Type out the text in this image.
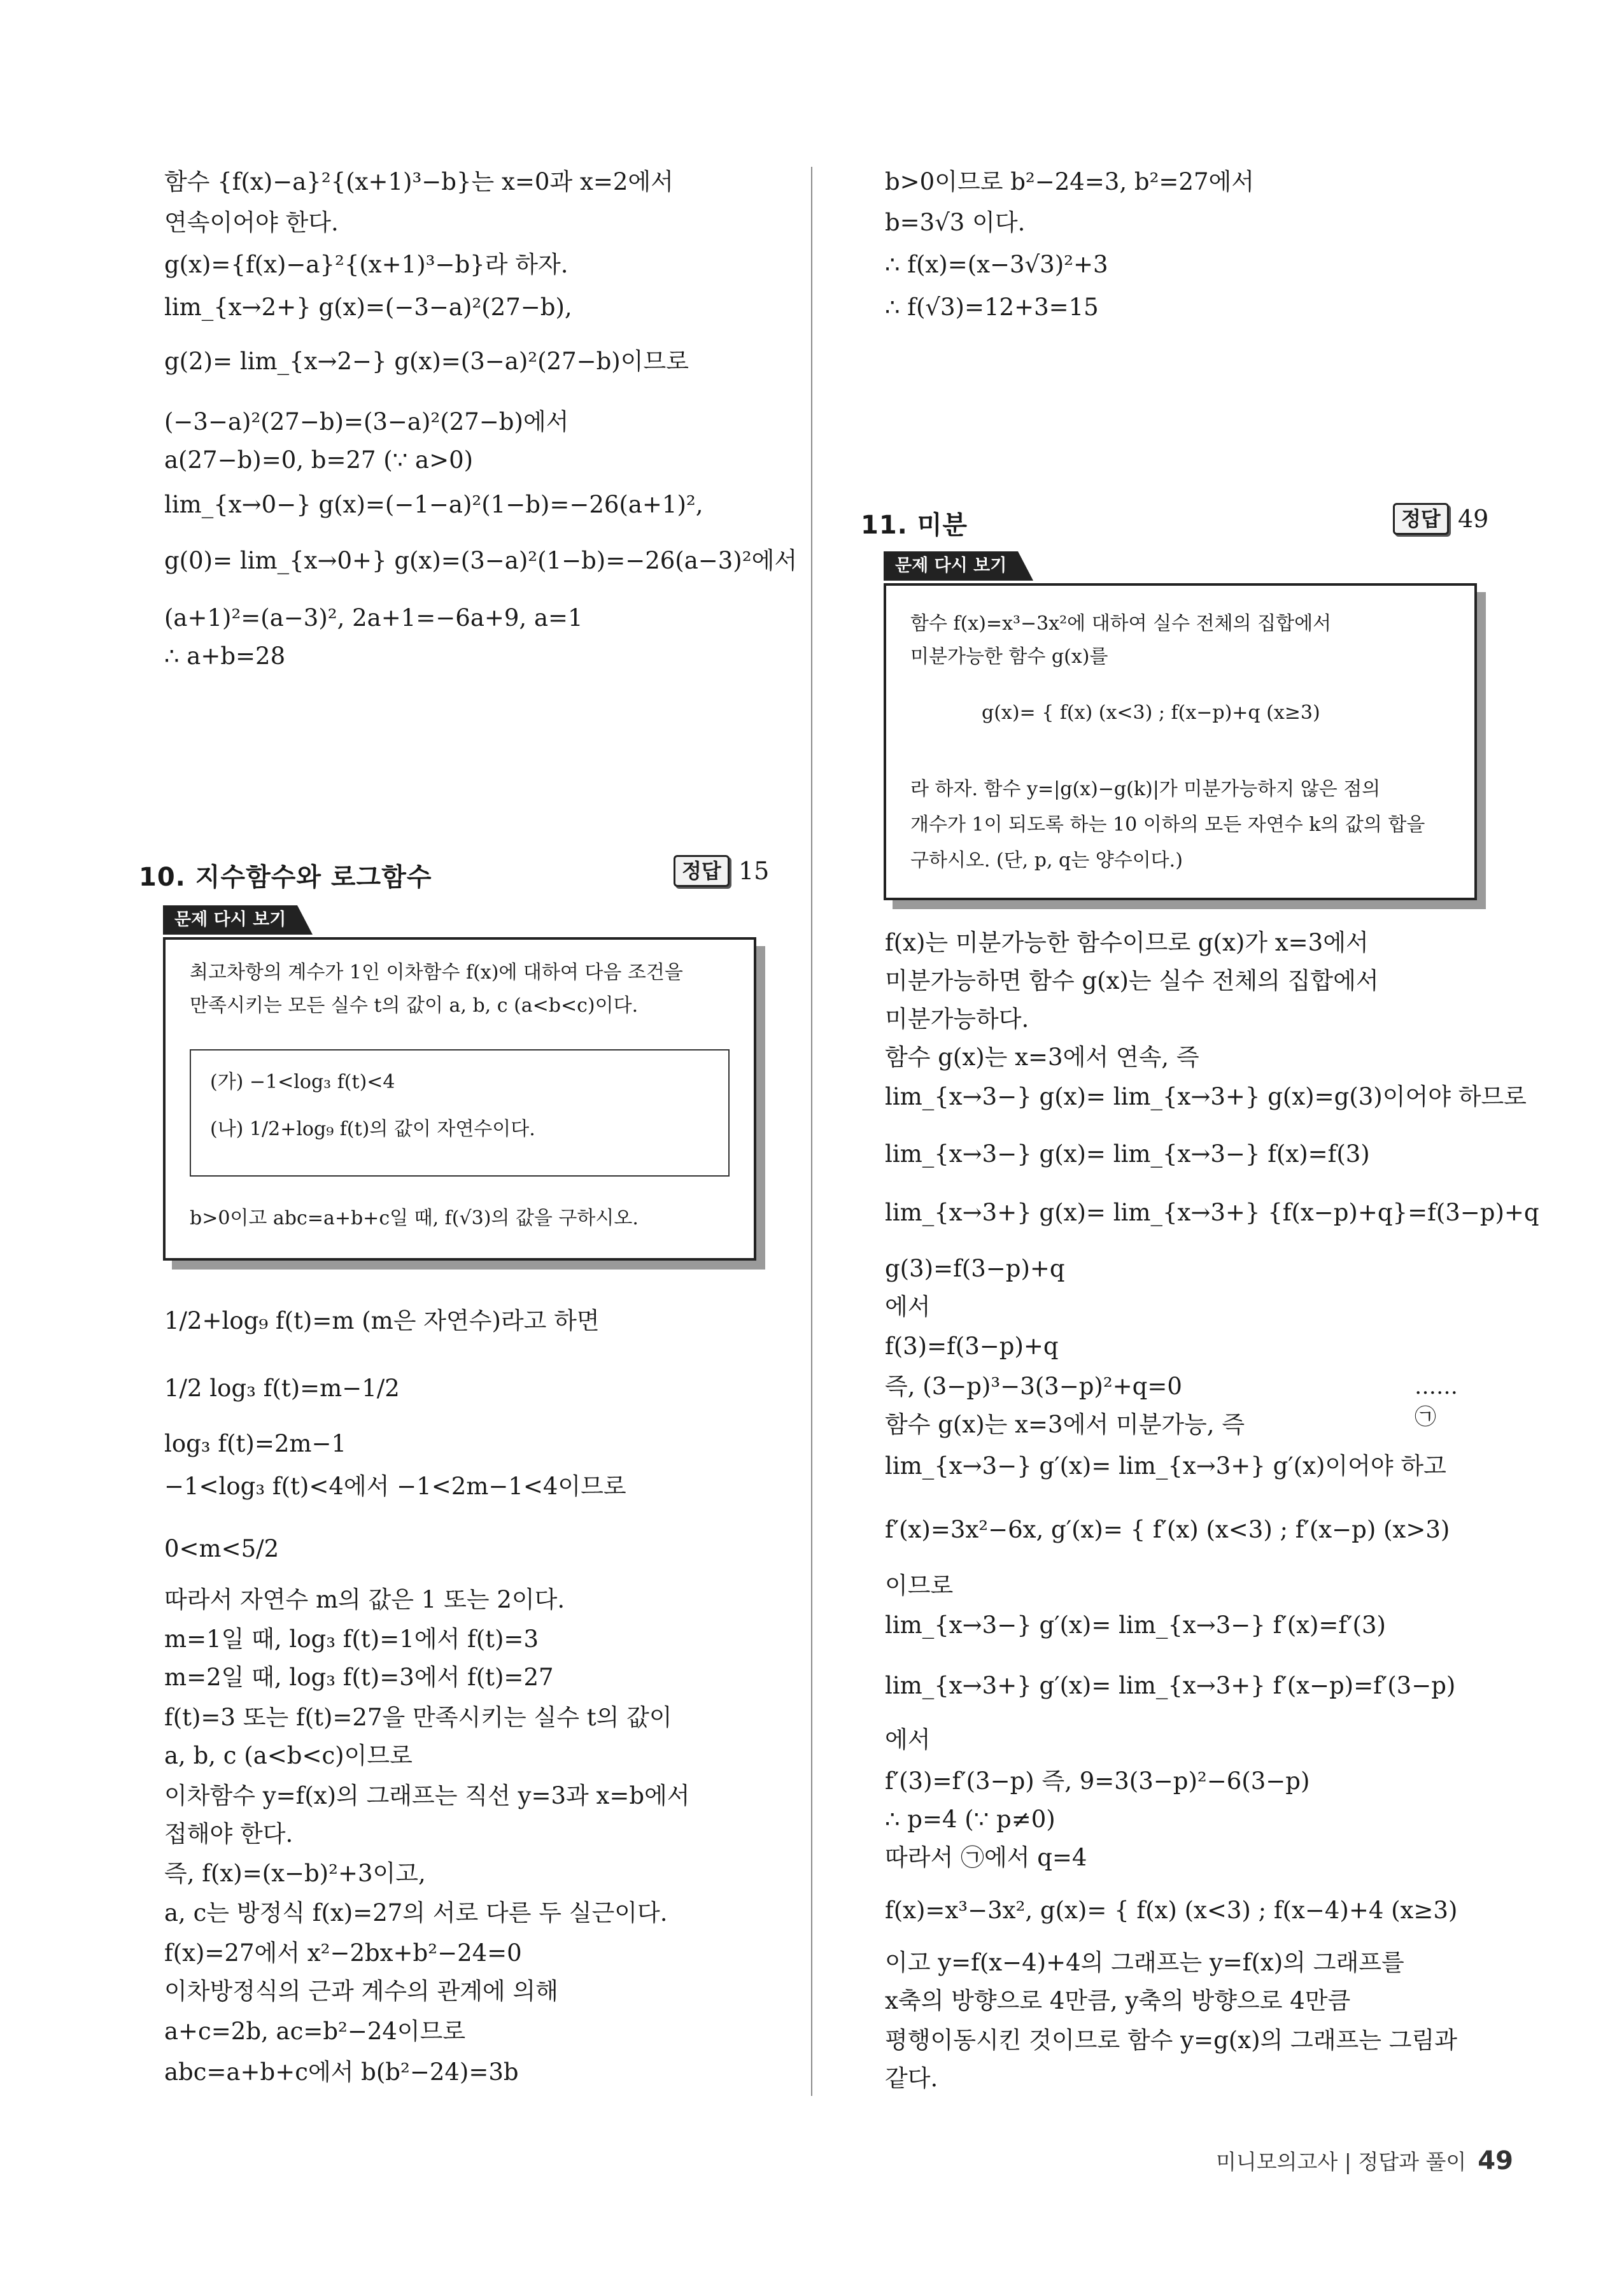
함수 {f(x)−a}²{(x+1)³−b}는 x=0과 x=2에서
연속이어야 한다.
g(x)={f(x)−a}²{(x+1)³−b}라 하자.
lim_{x→2+} g(x)=(−3−a)²(27−b),
g(2)= lim_{x→2−} g(x)=(3−a)²(27−b)이므로
(−3−a)²(27−b)=(3−a)²(27−b)에서
a(27−b)=0, b=27 (∵ a>0)
lim_{x→0−} g(x)=(−1−a)²(1−b)=−26(a+1)²,
g(0)= lim_{x→0+} g(x)=(3−a)²(1−b)=−26(a−3)²에서
(a+1)²=(a−3)², 2a+1=−6a+9, a=1
∴ a+b=28
10. 지수함수와 로그함수	정답 15
최고차항의 계수가 1인 이차함수 f(x)에 대하여 다음 조건을
만족시키는 모든 실수 t의 값이 a, b, c (a<b<c)이다.
(가) −1<log₃ f(t)<4
(나) 1/2+log₉ f(t)의 값이 자연수이다.
b>0이고 abc=a+b+c일 때, f(√3)의 값을 구하시오.
문제 다시 보기
1/2+log₉ f(t)=m (m은 자연수)라고 하면
1/2 log₃ f(t)=m−1/2
log₃ f(t)=2m−1
−1<log₃ f(t)<4에서 −1<2m−1<4이므로
0<m<5/2
따라서 자연수 m의 값은 1 또는 2이다.
m=1일 때, log₃ f(t)=1에서 f(t)=3
m=2일 때, log₃ f(t)=3에서 f(t)=27
f(t)=3 또는 f(t)=27을 만족시키는 실수 t의 값이
a, b, c (a<b<c)이므로
이차함수 y=f(x)의 그래프는 직선 y=3과 x=b에서
접해야 한다.
즉, f(x)=(x−b)²+3이고,
a, c는 방정식 f(x)=27의 서로 다른 두 실근이다.
f(x)=27에서 x²−2bx+b²−24=0
이차방정식의 근과 계수의 관계에 의해
a+c=2b, ac=b²−24이므로
abc=a+b+c에서 b(b²−24)=3b
b>0이므로 b²−24=3, b²=27에서
b=3√3 이다.
∴ f(x)=(x−3√3)²+3
∴ f(√3)=12+3=15
11. 미분	정답 49
함수 f(x)=x³−3x²에 대하여 실수 전체의 집합에서
미분가능한 함수 g(x)를
g(x)= { f(x) (x<3) ; f(x−p)+q (x≥3)
라 하자. 함수 y=|g(x)−g(k)|가 미분가능하지 않은 점의
개수가 1이 되도록 하는 10 이하의 모든 자연수 k의 값의 합을
구하시오. (단, p, q는 양수이다.)
문제 다시 보기
f(x)는 미분가능한 함수이므로 g(x)가 x=3에서
미분가능하면 함수 g(x)는 실수 전체의 집합에서
미분가능하다.
함수 g(x)는 x=3에서 연속, 즉
lim_{x→3−} g(x)= lim_{x→3+} g(x)=g(3)이어야 하므로
lim_{x→3−} g(x)= lim_{x→3−} f(x)=f(3)
lim_{x→3+} g(x)= lim_{x→3+} {f(x−p)+q}=f(3−p)+q
g(3)=f(3−p)+q
에서
f(3)=f(3−p)+q
즉, (3−p)³−3(3−p)²+q=0	……㉠
함수 g(x)는 x=3에서 미분가능, 즉
lim_{x→3−} g′(x)= lim_{x→3+} g′(x)이어야 하고
f′(x)=3x²−6x, g′(x)= { f′(x) (x<3) ; f′(x−p) (x>3)
이므로
lim_{x→3−} g′(x)= lim_{x→3−} f′(x)=f′(3)
lim_{x→3+} g′(x)= lim_{x→3+} f′(x−p)=f′(3−p)
에서
f′(3)=f′(3−p) 즉, 9=3(3−p)²−6(3−p)
∴ p=4 (∵ p≠0)
따라서 ㉠에서 q=4
f(x)=x³−3x², g(x)= { f(x) (x<3) ; f(x−4)+4 (x≥3)
이고 y=f(x−4)+4의 그래프는 y=f(x)의 그래프를
x축의 방향으로 4만큼, y축의 방향으로 4만큼
평행이동시킨 것이므로 함수 y=g(x)의 그래프는 그림과
같다.
미니모의고사 | 정답과 풀이 49
